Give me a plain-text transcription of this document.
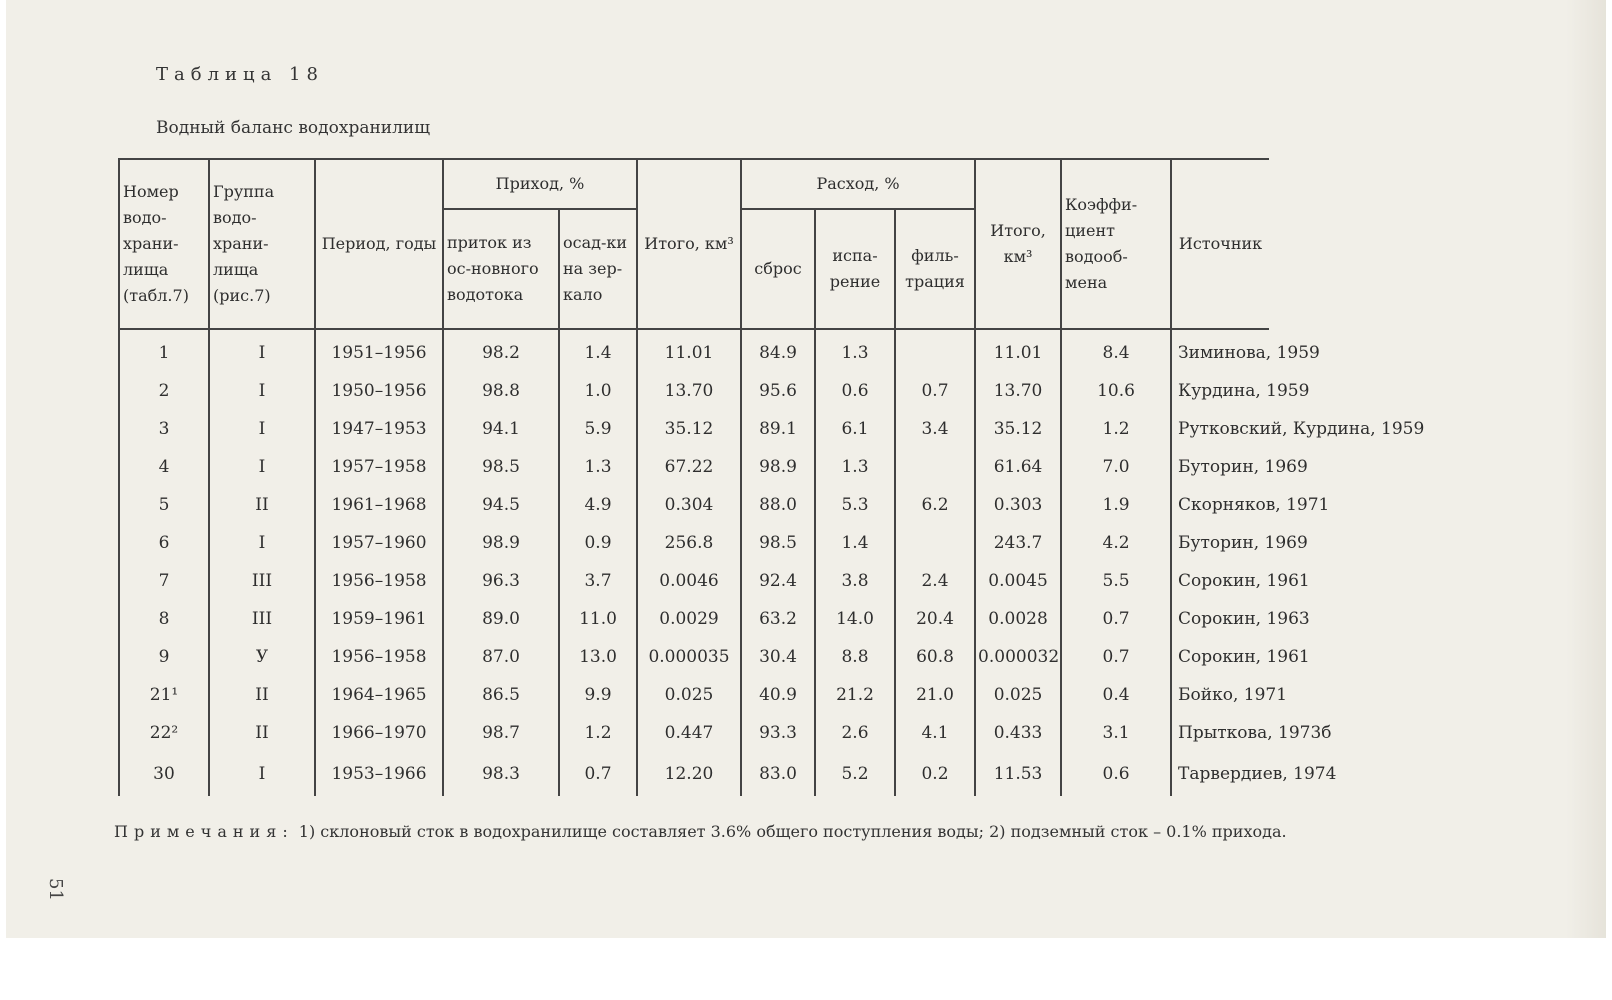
Таблица 18
Водный баланс водохранилищ
Номер водо-храни-лища (табл.7)	Группа водо-храни-лища (рис.7)	Период, годы	Приход, %		Итого, км³	Расход, %			Итого, км³	Коэффи-циент водооб-мена	Источник
			приток из ос-новного водотока	осад-ки на зер-кало		сброс	испа-рение	филь-трация			
1	I	1951–1956	98.2	1.4	11.01	84.9	1.3		11.01	8.4	Зиминова, 1959
2	I	1950–1956	98.8	1.0	13.70	95.6	0.6	0.7	13.70	10.6	Курдина, 1959
3	I	1947–1953	94.1	5.9	35.12	89.1	6.1	3.4	35.12	1.2	Рутковский, Курдина, 1959
4	I	1957–1958	98.5	1.3	67.22	98.9	1.3		61.64	7.0	Буторин, 1969
5	II	1961–1968	94.5	4.9	0.304	88.0	5.3	6.2	0.303	1.9	Скорняков, 1971
6	I	1957–1960	98.9	0.9	256.8	98.5	1.4		243.7	4.2	Буторин, 1969
7	III	1956–1958	96.3	3.7	0.0046	92.4	3.8	2.4	0.0045	5.5	Сорокин, 1961
8	III	1959–1961	89.0	11.0	0.0029	63.2	14.0	20.4	0.0028	0.7	Сорокин, 1963
9	У	1956–1958	87.0	13.0	0.000035	30.4	8.8	60.8	0.000032	0.7	Сорокин, 1961
21¹	II	1964–1965	86.5	9.9	0.025	40.9	21.2	21.0	0.025	0.4	Бойко, 1971
22²	II	1966–1970	98.7	1.2	0.447	93.3	2.6	4.1	0.433	3.1	Прыткова, 1973б
30	I	1953–1966	98.3	0.7	12.20	83.0	5.2	0.2	11.53	0.6	Тарвердиев, 1974
Примечания: 1) склоновый сток в водохранилище составляет 3.6% общего поступления воды; 2) подземный сток – 0.1% прихода.
51
